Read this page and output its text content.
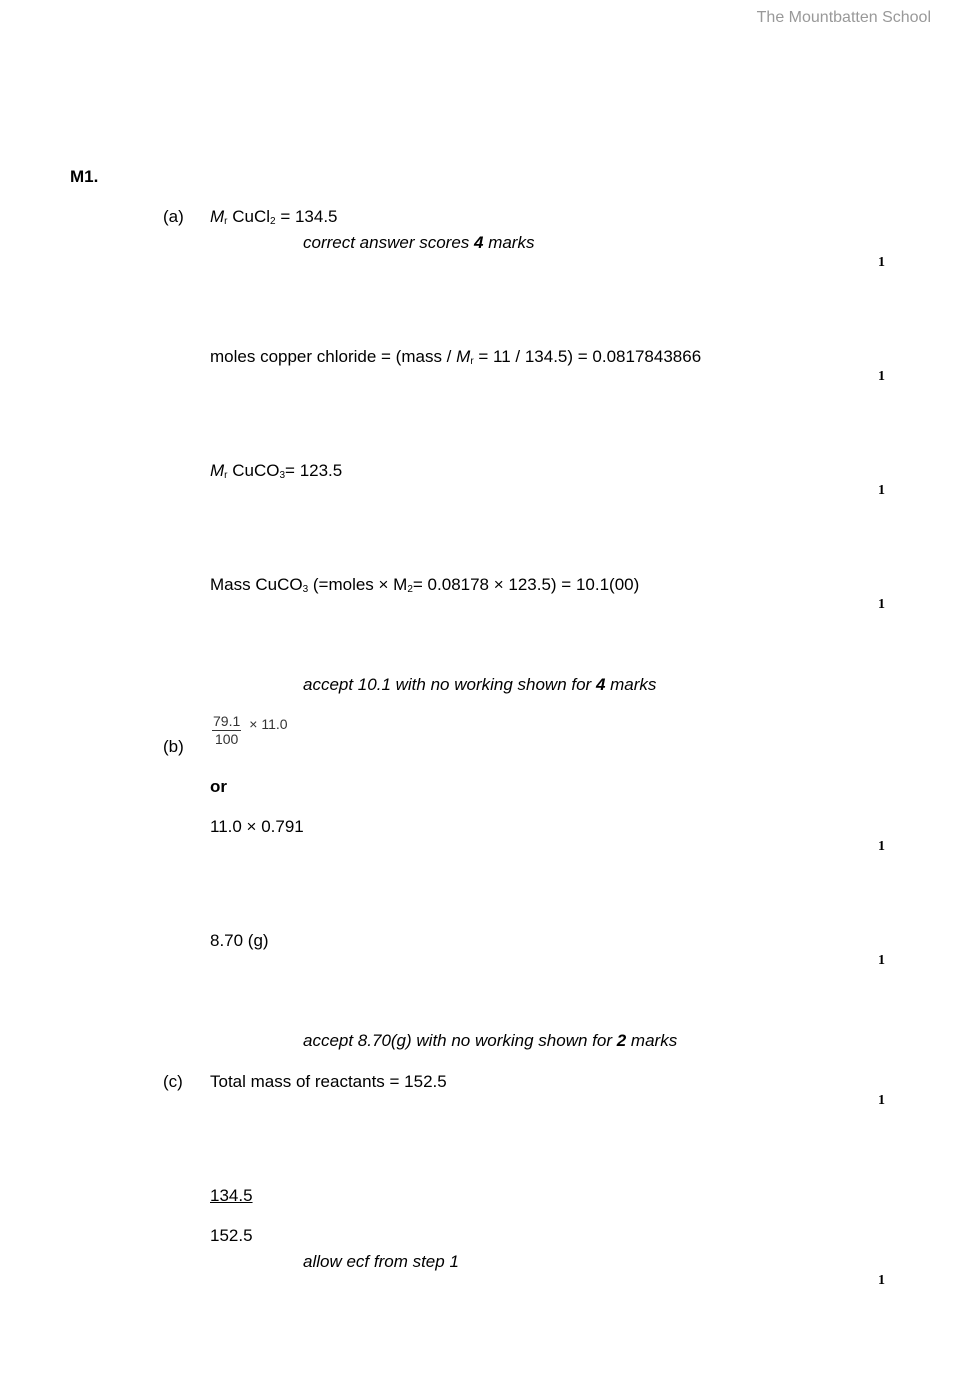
The Mountbatten School
M1.
(a) $M_r$ CuCl$_2$ = 134.5
correct answer scores 4 marks
1
moles copper chloride = (mass / $M_r = 11 / 134.5) = 0.0817843866$
1
$M_r$ CuCO$_3$= 123.5
1
Mass CuCO$_3$ (=moles × $M_2= 0.08178 \times 123.5) = 10.1(00)$
1
accept 10.1 with no working shown for 4 marks
$\frac{79.1}{100} \times 11.0$
(b)
or
11.0 × 0.791
1
8.70 (g)
1
accept 8.70(g) with no working shown for 2 marks
(c) Total mass of reactants = 152.5
1
134.5
152.5
allow ecf from step 1
1
